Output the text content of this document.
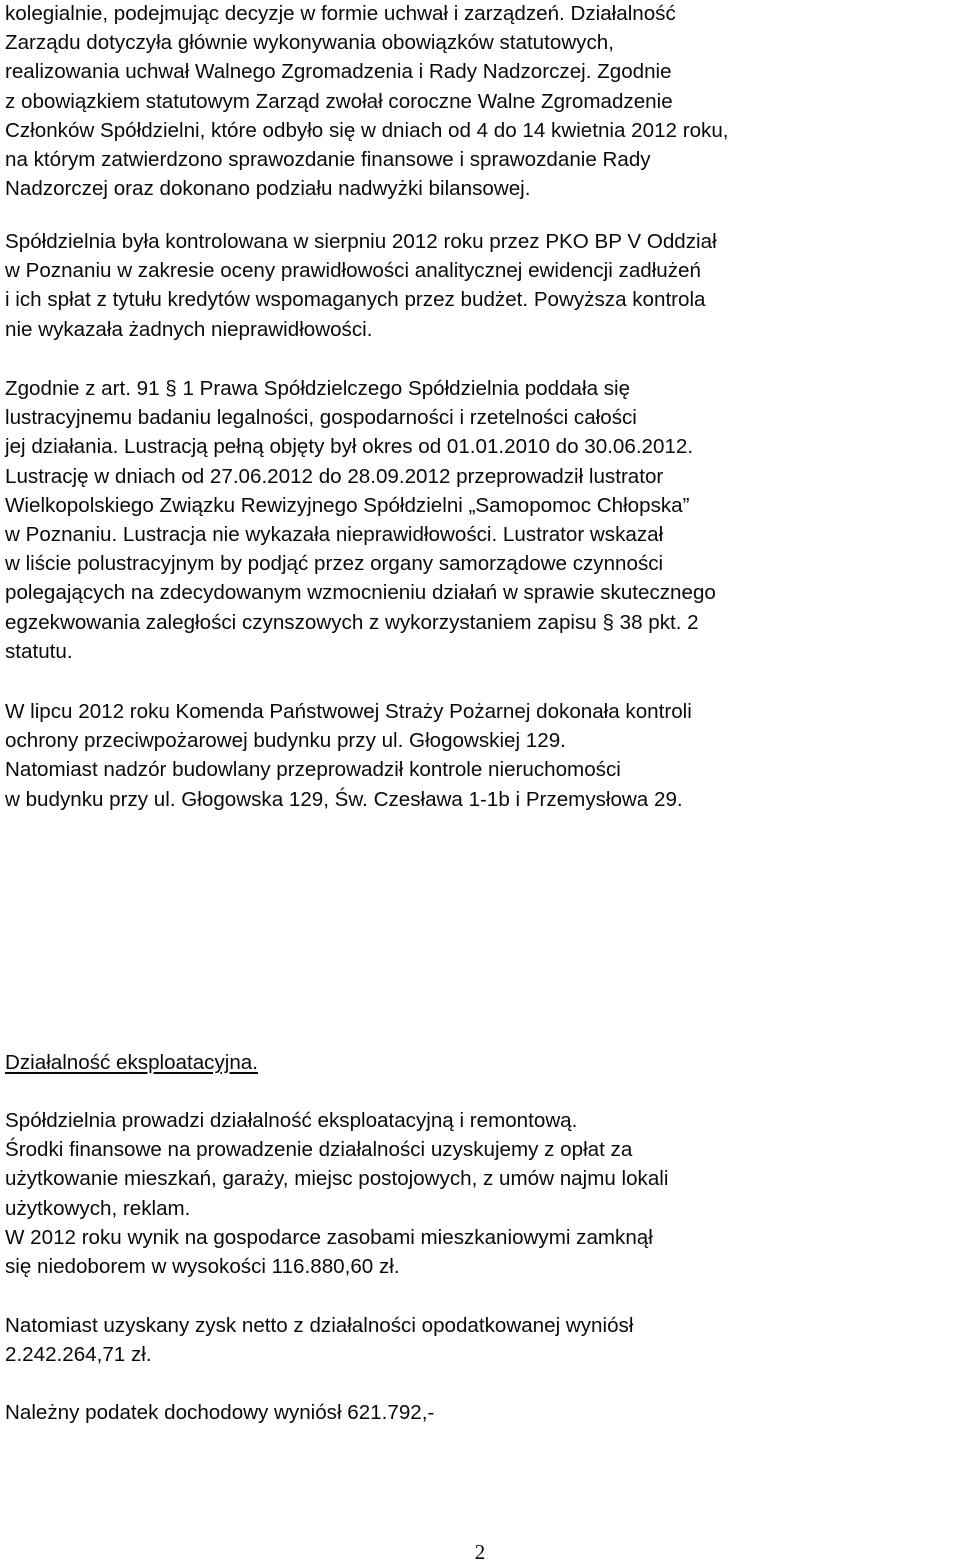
kolegialnie, podejmując decyzje w formie uchwał i zarządzeń. Działalność
Zarządu dotyczyła głównie wykonywania obowiązków statutowych,
realizowania uchwał Walnego Zgromadzenia i Rady Nadzorczej. Zgodnie
z obowiązkiem statutowym Zarząd zwołał coroczne Walne Zgromadzenie
Członków Spółdzielni, które odbyło się w dniach od 4 do 14 kwietnia 2012 roku,
na którym zatwierdzono sprawozdanie finansowe i sprawozdanie Rady
Nadzorczej oraz dokonano podziału nadwyżki bilansowej.
Spółdzielnia była kontrolowana w sierpniu 2012 roku przez PKO BP V Oddział
w Poznaniu w zakresie oceny prawidłowości analitycznej ewidencji zadłużeń
i ich spłat z tytułu kredytów wspomaganych przez budżet. Powyższa kontrola
nie wykazała żadnych nieprawidłowości.
Zgodnie z art. 91 § 1 Prawa Spółdzielczego Spółdzielnia poddała się
lustracyjnemu badaniu legalności, gospodarności i rzetelności całości
jej działania. Lustracją pełną objęty był okres od 01.01.2010 do 30.06.2012.
Lustrację w dniach od 27.06.2012 do 28.09.2012 przeprowadził lustrator
Wielkopolskiego Związku Rewizyjnego Spółdzielni „Samopomoc Chłopska”
w Poznaniu. Lustracja nie wykazała nieprawidłowości. Lustrator wskazał
w liście polustracyjnym by podjąć przez organy samorządowe czynności
polegających na zdecydowanym wzmocnieniu działań w sprawie skutecznego
egzekwowania zaległości czynszowych z wykorzystaniem zapisu § 38 pkt. 2
statutu.
W lipcu 2012 roku Komenda Państwowej Straży Pożarnej dokonała kontroli
ochrony przeciwpożarowej budynku przy ul. Głogowskiej 129.
Natomiast nadzór budowlany przeprowadził kontrole nieruchomości
w budynku przy ul. Głogowska 129, Św. Czesława 1-1b i Przemysłowa 29.
Działalność eksploatacyjna.
Spółdzielnia prowadzi działalność eksploatacyjną i remontową.
Środki finansowe na prowadzenie działalności uzyskujemy z opłat za
użytkowanie mieszkań, garaży, miejsc postojowych, z umów najmu lokali
użytkowych, reklam.
W 2012 roku wynik na gospodarce zasobami mieszkaniowymi zamknął
się niedoborem w wysokości 116.880,60 zł.
Natomiast uzyskany zysk netto z działalności opodatkowanej wyniósł
2.242.264,71 zł.
Należny podatek dochodowy wyniósł 621.792,-
2
